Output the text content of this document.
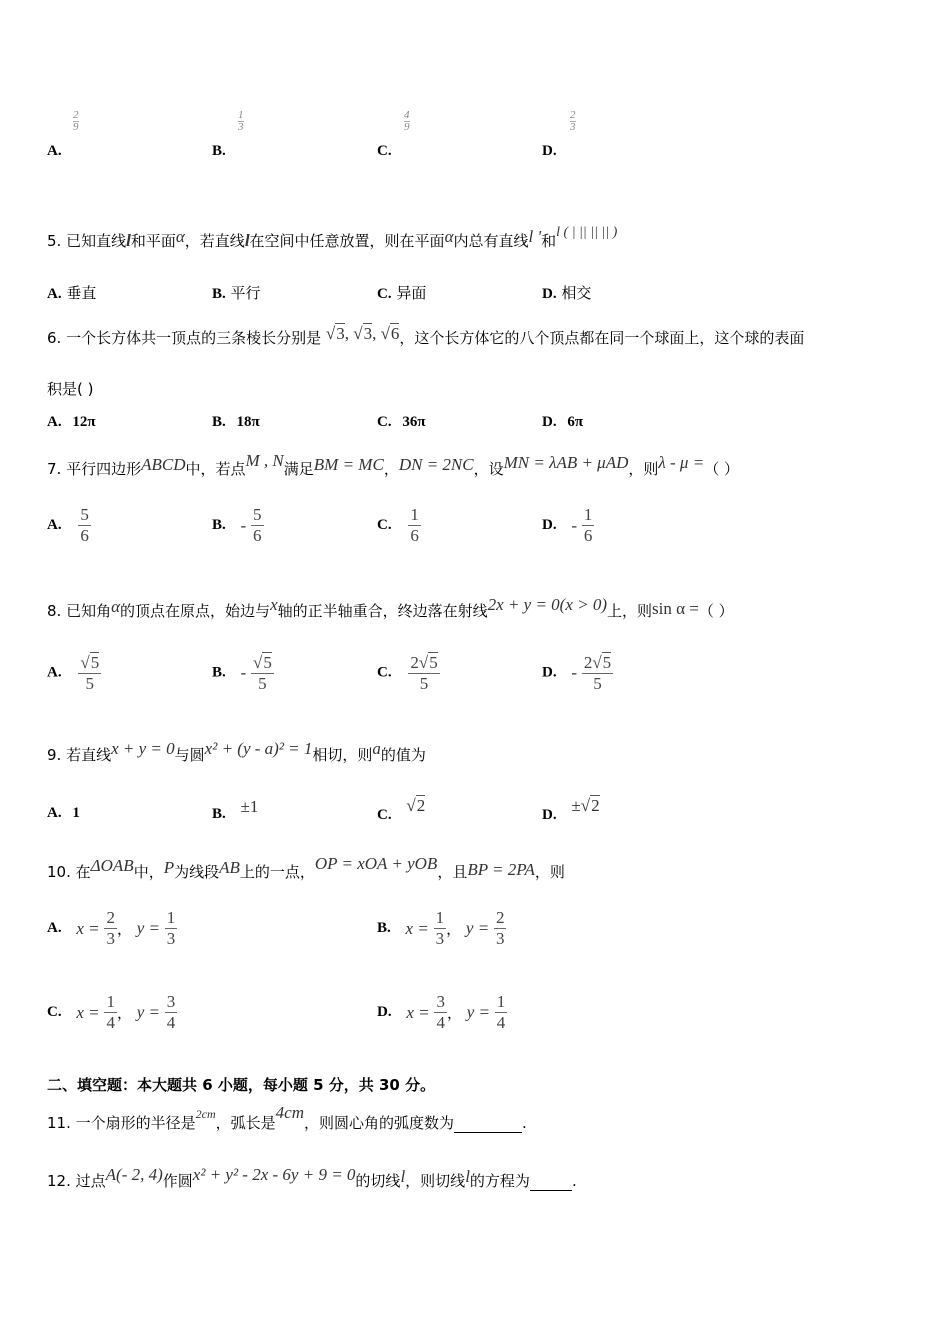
A.
$\frac{2}{9}$
B.
$\frac{1}{3}$
C.
$\frac{4}{9}$
D.
$\frac{2}{3}$
5. 已知直线l和平面α，若直线l在空间中任意放置，则在平面α内总有直线l '和l ( | || || || )
A. 垂直	B. 平行	C. 异面	D. 相交
6. 一个长方体共一顶点的三条棱长分别是 √3, √3, √6，这个长方体它的八个顶点都在同一个球面上，这个球的表面
积是( )
A. 12π	B. 18π	C. 36π	D. 6π
7. 平行四边形ABCD中，若点M , N满足BM = MC，DN = 2NC，设MN = λAB + μAD，则λ - μ =（ ）
A. $\frac{5}{6}$	B. - $\frac{5}{6}$	C. $\frac{1}{6}$	D. - $\frac{1}{6}$
8. 已知角α的顶点在原点，始边与x轴的正半轴重合，终边落在射线2x + y = 0(x > 0)上，则sin α =（ ）
A. $\frac{√5}{5}$	B. - $\frac{√5}{5}$	C. $\frac{2√5}{5}$	D. - $\frac{2√5}{5}$
9. 若直线x + y = 0与圆x² + (y - a)² = 1相切，则a的值为
A. 1	B. ±1	C. √2	D. ±√2
10. 在ΔOAB中，P为线段AB上的一点，OP = xOA + yOB，且BP = 2PA，则
A. $x = \frac{2}{3}$ ， $y = \frac{1}{3}$	B. $x = \frac{1}{3}$ ， $y = \frac{2}{3}$
C. $x = \frac{1}{4}$ ， $y = \frac{3}{4}$	D. $x = \frac{3}{4}$ ， $y = \frac{1}{4}$
二、填空题：本大题共 6 小题，每小题 5 分，共 30 分。
11. 一个扇形的半径是$^{2cm}$，弧长是4cm，则圆心角的弧度数为	.
12. 过点A(- 2, 4)作圆x² + y² - 2x - 6y + 9 = 0的切线l，则切线l的方程为	.
